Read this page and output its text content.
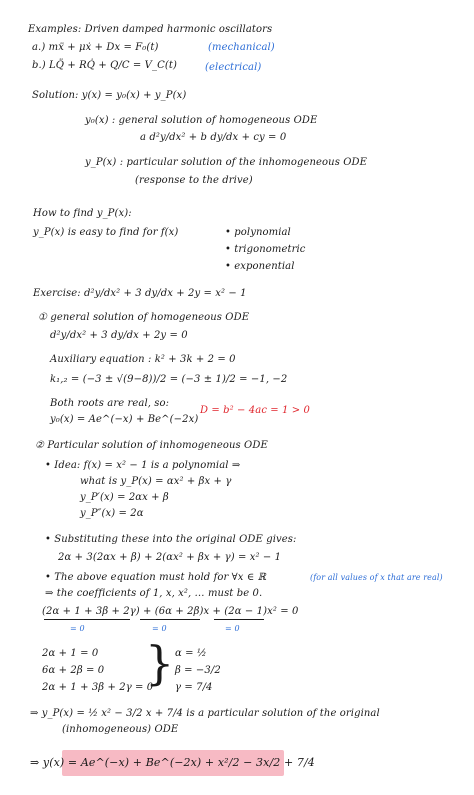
Examples: Driven damped harmonic oscillators
a.) mẍ + μẋ + Dx = F₀(t)	(mechanical)
b.) LQ̈ + RQ̇ + Q/C = V_C(t)	(electrical)
Solution: y(x) = y₀(x) + y_P(x)
y₀(x) : general solution of homogeneous ODE
a d²y/dx² + b dy/dx + cy = 0
y_P(x) : particular solution of the inhomogeneous ODE
(response to the drive)
How to find y_P(x):
y_P(x) is easy to find for f(x)	• polynomial
• trigonometric
• exponential
Exercise: d²y/dx² + 3 dy/dx + 2y = x² − 1
① general solution of homogeneous ODE
d²y/dx² + 3 dy/dx + 2y = 0
Auxiliary equation : k² + 3k + 2 = 0
k₁,₂ = (−3 ± √(9−8))/2 = (−3 ± 1)/2 = −1, −2
Both roots are real, so:
y₀(x) = Ae^(−x) + Be^(−2x)
D = b² − 4ac = 1 > 0
② Particular solution of inhomogeneous ODE
• Idea: f(x) = x² − 1 is a polynomial ⇒
what is y_P(x) = αx² + βx + γ
y_P′(x) = 2αx + β
y_P″(x) = 2α
• Substituting these into the original ODE gives:
2α + 3(2αx + β) + 2(αx² + βx + γ) = x² − 1
• The above equation must hold for ∀x ∈ ℝ	(for all values of x that are real)
⇒ the coefficients of 1, x, x², … must be 0.
(2α + 1 + 3β + 2γ) + (6α + 2β)x + (2α − 1)x² = 0
= 0	= 0	= 0
2α + 1 = 0
6α + 2β = 0
2α + 1 + 3β + 2γ = 0
} α = ½
β = −3/2
γ = 7/4
⇒ y_P(x) = ½ x² − 3/2 x + 7/4 is a particular solution of the original
(inhomogeneous) ODE
⇒ y(x) = Ae^(−x) + Be^(−2x) + x²/2 − 3x/2 + 7/4
